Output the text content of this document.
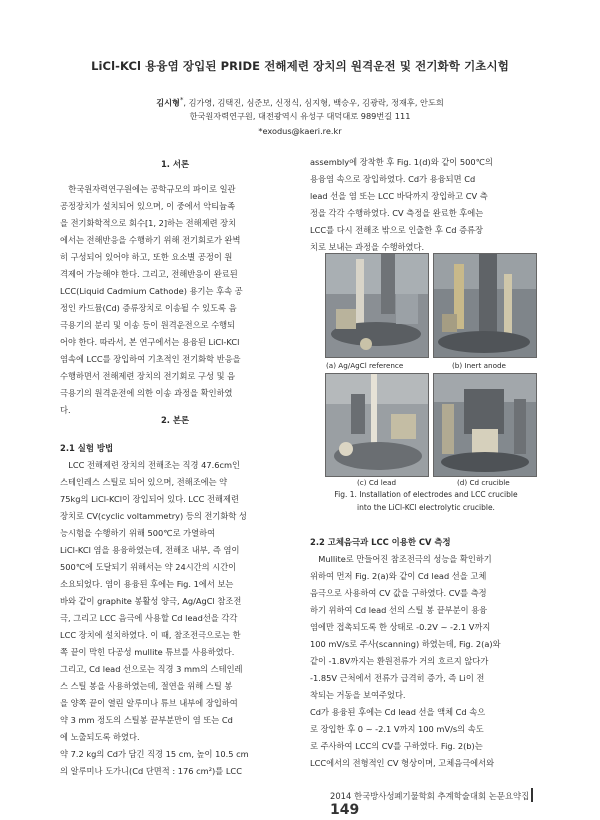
LiCl-KCl 용융염 장입된 PRIDE 전해제련 장치의 원격운전 및 전기화학 기초시험
김시형*, 김가영, 김택진, 심준보, 신정식, 심지형, 백승우, 김광락, 정재후, 안도희
한국원자력연구원, 대전광역시 유성구 대덕대로 989번길 111
*exodus@kaeri.re.kr
1. 서론
한국원자력연구원에는 공학규모의 파이로 일관
공정장치가 설치되어 있으며, 이 중에서 악티늄족
을 전기화학적으로 회수[1, 2]하는 전해제련 장치
에서는 전해반응을 수행하기 위해 전기회로가 완벽
히 구성되어 있어야 하고, 또한 요소별 공정이 원
격제어 가능해야 한다. 그리고, 전해반응이 완료된
LCC(Liquid Cadmium Cathode) 용기는 후속 공
정인 카드뮴(Cd) 증류장치로 이송될 수 있도록 음
극용기의 분리 및 이송 등이 원격운전으로 수행되
어야 한다. 따라서, 본 연구에서는 용융된 LiCl-KCl
염속에 LCC를 장입하여 기초적인 전기화학 반응을
수행하면서 전해제련 장치의 전기회로 구성 및 음
극용기의 원격운전에 의한 이송 과정을 확인하였
다.
2. 본론
2.1 실험 방법
LCC 전해제련 장치의 전해조는 직경 47.6cm인
스테인레스 스틸로 되어 있으며, 전해조에는 약
75kg의 LiCl-KCl이 장입되어 있다. LCC 전해제련
장치로 CV(cyclic voltammetry) 등의 전기화학 성
능시험을 수행하기 위해 500℃로 가열하여
LiCl-KCl 염을 용융하였는데, 전해조 내부, 즉 염이
500℃에 도달되기 위해서는 약 24시간의 시간이
소요되었다. 염이 용융된 후에는 Fig. 1에서 보는
바와 같이 graphite 봉활성 양극, Ag/AgCl 참조전
극, 그리고 LCC 음극에 사용할 Cd lead선을 각각
LCC 장치에 설치하였다. 이 때, 참조전극으로는 한
쪽 끝이 막힌 다공성 mullite 튜브를 사용하였다.
그리고, Cd lead 선으로는 직경 3 mm의 스테인레
스 스틸 봉을 사용하였는데, 절연을 위해 스틸 봉
을 양쪽 끝이 열린 알루미나 튜브 내부에 장입하여
약 3 mm 정도의 스틸봉 끝부분만이 염 또는 Cd
에 노출되도록 하였다.
약 7.2 kg의 Cd가 담긴 직경 15 cm, 높이 10.5 cm
의 알루미나 도가니(Cd 단면적 : 176 cm²)를 LCC
assembly에 장착한 후 Fig. 1(d)와 같이 500℃의
용융염 속으로 장입하였다. Cd가 용융되면 Cd
lead 선을 염 또는 LCC 바닥까지 장입하고 CV 측
정을 각각 수행하였다. CV 측정을 완료한 후에는
LCC를 다시 전해조 밖으로 인출한 후 Cd 증류장
치로 보내는 과정을 수행하였다.
(a) Ag/AgCl reference	(b) Inert anode
(c) Cd lead	(d) Cd crucible
Fig. 1. Installation of electrodes and LCC crucible
into the LiCl-KCl electrolytic crucible.
2.2 고체음극과 LCC 이용한 CV 측정
Mullite로 만들어진 참조전극의 성능을 확인하기
위하여 먼저 Fig. 2(a)와 같이 Cd lead 선을 고체
음극으로 사용하여 CV 값을 구하였다. CV를 측정
하기 위하여 Cd lead 선의 스틸 봉 끝부분이 용융
염에만 접촉되도록 한 상태로 -0.2V ~ -2.1 V까지
100 mV/s로 주사(scanning) 하였는데, Fig. 2(a)와
같이 -1.8V까지는 환원전류가 거의 흐르지 않다가
-1.85V 근처에서 전류가 급격히 증가, 즉 Li이 전
착되는 거동을 보여주었다.
Cd가 용융된 후에는 Cd lead 선을 액체 Cd 속으
로 장입한 후 0 ~ -2.1 V까지 100 mV/s의 속도
로 주사하여 LCC의 CV를 구하였다. Fig. 2(b)는
LCC에서의 전형적인 CV 형상이며, 고체음극에서와
2014 한국방사성폐기물학회 추계학술대회 논문요약집149
